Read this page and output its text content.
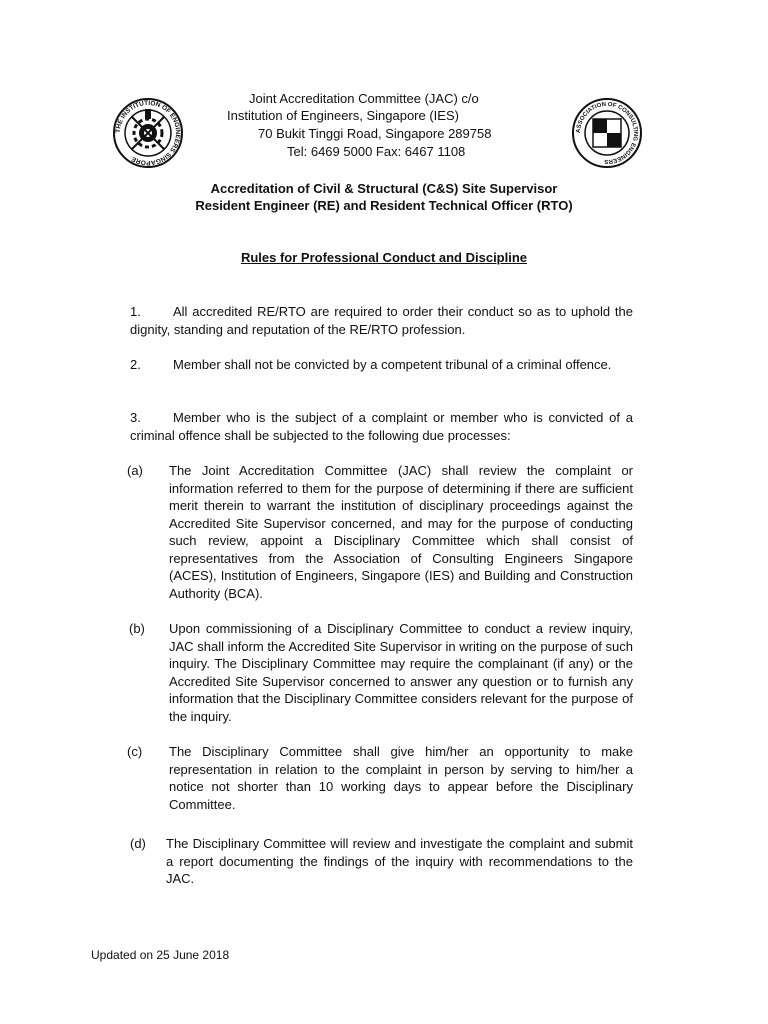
THE INSTITUTION OF ENGINEERS SINGAPORE
ASSOCIATION OF CONSULTING ENGINEERS
Joint Accreditation Committee (JAC) c/o
Institution of Engineers, Singapore (IES)
70 Bukit Tinggi Road, Singapore 289758
Tel: 6469 5000 Fax: 6467 1108
Accreditation of Civil & Structural (C&S) Site Supervisor
Resident Engineer (RE) and Resident Technical Officer (RTO)
Rules for Professional Conduct and Discipline
1. All accredited RE/RTO are required to order their conduct so as to uphold the dignity, standing and reputation of the RE/RTO profession.
2. Member shall not be convicted by a competent tribunal of a criminal offence.
3. Member who is the subject of a complaint or member who is convicted of a criminal offence shall be subjected to the following due processes:
(a) The Joint Accreditation Committee (JAC) shall review the complaint or information referred to them for the purpose of determining if there are sufficient merit therein to warrant the institution of disciplinary proceedings against the Accredited Site Supervisor concerned, and may for the purpose of conducting such review, appoint a Disciplinary Committee which shall consist of representatives from the Association of Consulting Engineers Singapore (ACES), Institution of Engineers, Singapore (IES) and Building and Construction Authority (BCA).
(b) Upon commissioning of a Disciplinary Committee to conduct a review inquiry, JAC shall inform the Accredited Site Supervisor in writing on the purpose of such inquiry. The Disciplinary Committee may require the complainant (if any) or the Accredited Site Supervisor concerned to answer any question or to furnish any information that the Disciplinary Committee considers relevant for the purpose of the inquiry.
(c) The Disciplinary Committee shall give him/her an opportunity to make representation in relation to the complaint in person by serving to him/her a notice not shorter than 10 working days to appear before the Disciplinary Committee.
(d) The Disciplinary Committee will review and investigate the complaint and submit a report documenting the findings of the inquiry with recommendations to the JAC.
Updated on 25 June 2018
